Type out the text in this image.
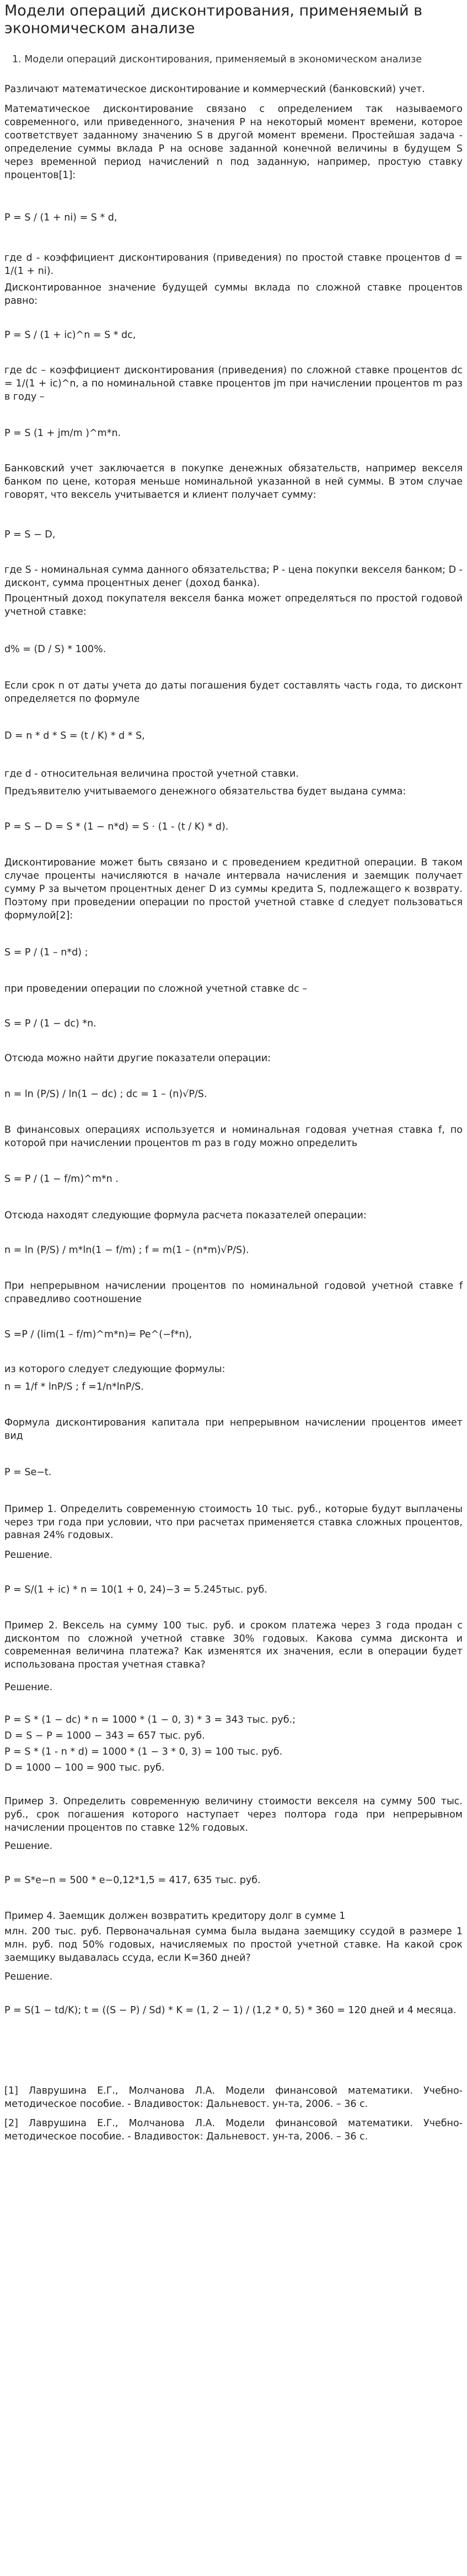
Модели операций дисконтирования, применяемый в экономическом анализе
1. Модели операций дисконтирования, применяемый в экономическом анализе
Различают математическое дисконтирование и коммерческий (банковский) учет.
Математическое дисконтирование связано с определением так называемого современного, или приведенного, значения P на некоторый момент времени, которое соответствует заданному значению S в другой момент времени. Простейшая задача - определение суммы вклада P на основе заданной конечной величины в будущем S через временной период начислений n под заданную, например, простую ставку процентов[1]:
P = S / (1 + ni) = S * d,
где d - коэффициент дисконтирования (приведения) по простой ставке процентов d = 1/(1 + ni).
Дисконтированное значение будущей суммы вклада по сложной ставке процентов равно:
P = S / (1 + ic)^n = S * dc,
где dc – коэффициент дисконтирования (приведения) по сложной ставке процентов dc = 1/(1 + ic)^n, а по номинальной ставке процентов jm при начислении процентов m раз в году –
P = S (1 + jm/m )^m*n.
Банковский учет заключается в покупке денежных обязательств, например векселя банком по цене, которая меньше номинальной указанной в ней суммы. В этом случае говорят, что вексель учитывается и клиент получает сумму:
P = S − D,
где S - номинальная сумма данного обязательства; P - цена покупки векселя банком; D - дисконт, сумма процентных денег (доход банка).
Процентный доход покупателя векселя банка может определяться по простой годовой учетной ставке:
d% = (D / S) * 100%.
Если срок n от даты учета до даты погашения будет составлять часть года, то дисконт определяется по формуле
D = n * d * S = (t / K) * d * S,
где d - относительная величина простой учетной ставки.
Предъявителю учитываемого денежного обязательства будет выдана сумма:
P = S − D = S * (1 − n*d) = S · (1 - (t / K) * d).
Дисконтирование может быть связано и с проведением кредитной операции. В таком случае проценты начисляются в начале интервала начисления и заемщик получает сумму P за вычетом процентных денег D из суммы кредита S, подлежащего к возврату. Поэтому при проведении операции по простой учетной ставке d следует пользоваться формулой[2]:
S = P / (1 – n*d) ;
при проведении операции по сложной учетной ставке dc –
S = P / (1 − dc) *n.
Отсюда можно найти другие показатели операции:
n = ln (P/S) / ln(1 − dc) ; dc = 1 – (n)√P/S.
В финансовых операциях используется и номинальная годовая учетная ставка f, по которой при начислении процентов m раз в году можно определить
S = P / (1 − f/m)^m*n .
Отсюда находят следующие формула расчета показателей операции:
n = ln (P/S) / m*ln(1 − f/m) ; f = m(1 – (n*m)√P/S).
При непрерывном начислении процентов по номинальной годовой учетной ставке f справедливо соотношение
S =P / (lim(1 – f/m)^m*n)= Pe^(−f*n),
из которого следует следующие формулы:
n = 1/f * lnP/S ; f =1/n*lnP/S.
Формула дисконтирования капитала при непрерывном начислении процентов имеет вид
P = Se−t.
Пример 1. Определить современную стоимость 10 тыс. руб., которые будут выплачены через три года при условии, что при расчетах применяется ставка сложных процентов, равная 24% годовых.
Решение.
P = S/(1 + ic) * n = 10(1 + 0, 24)−3 = 5.245тыс. руб.
Пример 2. Вексель на сумму 100 тыс. руб. и сроком платежа через 3 года продан с дисконтом по сложной учетной ставке 30% годовых. Какова сумма дисконта и современная величина платежа? Как изменятся их значения, если в операции будет использована простая учетная ставка?
Решение.
P = S * (1 − dc) * n = 1000 * (1 − 0, 3) * 3 = 343 тыс. руб.;
D = S − P = 1000 − 343 = 657 тыс. руб.
P = S * (1 - n * d) = 1000 * (1 − 3 * 0, 3) = 100 тыс. руб.
D = 1000 − 100 = 900 тыс. руб.
Пример 3. Определить современную величину стоимости векселя на сумму 500 тыс. руб., срок погашения которого наступает через полтора года при непрерывном начислении процентов по ставке 12% годовых.
Решение.
P = S*e−n = 500 * e−0,12*1,5 = 417, 635 тыс. руб.
Пример 4. Заемщик должен возвратить кредитору долг в сумме 1
млн. 200 тыс. руб. Первоначальная сумма была выдана заемщику ссудой в размере 1 млн. руб. под 50% годовых, начисляемых по простой учетной ставке. На какой срок заемщику выдавалась ссуда, если К=360 дней?
Решение.
P = S(1 − td/K); t = ((S − P) / Sd) * K = (1, 2 − 1) / (1,2 * 0, 5) * 360 = 120 дней и 4 месяца.
[1] Лаврушина Е.Г., Молчанова Л.А. Модели финансовой математики. Учебно-методическое пособие. - Владивосток: Дальневост. ун-та, 2006. – 36 с.
[2] Лаврушина Е.Г., Молчанова Л.А. Модели финансовой математики. Учебно-методическое пособие. - Владивосток: Дальневост. ун-та, 2006. – 36 с.
